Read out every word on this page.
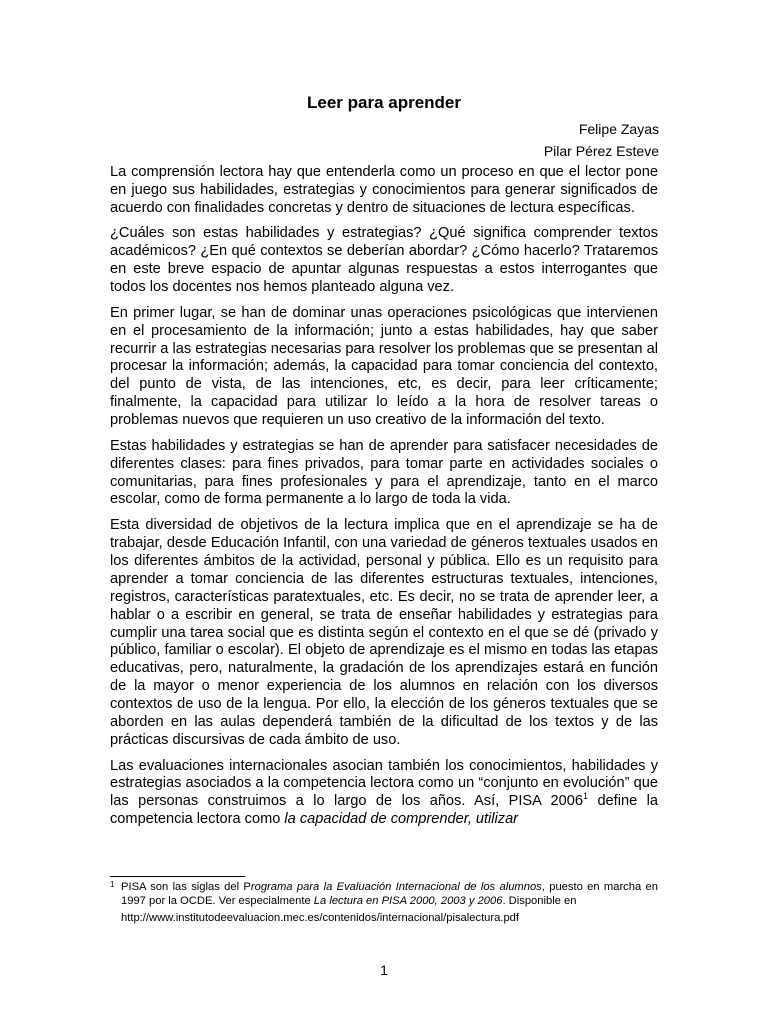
Leer para aprender
Felipe Zayas
Pilar Pérez Esteve

La comprensión lectora hay que entenderla como un proceso en que el lector pone en juego sus habilidades, estrategias y conocimientos para generar significados de acuerdo con finalidades concretas y dentro de situaciones de lectura específicas.

¿Cuáles son estas habilidades y estrategias? ¿Qué significa comprender textos académicos? ¿En qué contextos se deberían abordar? ¿Cómo hacerlo? Trataremos en este breve espacio de apuntar algunas respuestas a estos interrogantes que todos los docentes nos hemos planteado alguna vez.

En primer lugar, se han de dominar unas operaciones psicológicas que intervienen en el procesamiento de la información; junto a estas habilidades, hay que saber recurrir a las estrategias necesarias para resolver los problemas que se presentan al procesar la información; además, la capacidad para tomar conciencia del contexto, del punto de vista, de las intenciones, etc, es decir, para leer críticamente; finalmente, la capacidad para utilizar lo leído a la hora de resolver tareas o problemas nuevos que requieren un uso creativo de la información del texto.

Estas habilidades y estrategias se han de aprender para satisfacer necesidades de diferentes clases: para fines privados, para tomar parte en actividades sociales o comunitarias, para fines profesionales y para el aprendizaje, tanto en el marco escolar, como de forma permanente a lo largo de toda la vida.

Esta diversidad de objetivos de la lectura implica que en el aprendizaje se ha de trabajar, desde Educación Infantil, con una variedad de géneros textuales usados en los diferentes ámbitos de la actividad, personal y pública. Ello es un requisito para aprender a tomar conciencia de las diferentes estructuras textuales, intenciones, registros, características paratextuales, etc. Es decir, no se trata de aprender leer, a hablar o a escribir en general, se trata de enseñar habilidades y estrategias para cumplir una tarea social que es distinta según el contexto en el que se dé (privado y público, familiar o escolar). El objeto de aprendizaje es el mismo en todas las etapas educativas, pero, naturalmente, la gradación de los aprendizajes estará en función de la mayor o menor experiencia de los alumnos en relación con los diversos contextos de uso de la lengua. Por ello, la elección de los géneros textuales que se aborden en las aulas dependerá también de la dificultad de los textos y de las prácticas discursivas de cada ámbito de uso.

Las evaluaciones internacionales asocian también los conocimientos, habilidades y estrategias asociados a la competencia lectora como un “conjunto en evolución” que las personas construimos a lo largo de los años. Así, PISA 2006$^1$ define la competencia lectora como la capacidad de comprender, utilizar

1 PISA son las siglas del Programa para la Evaluación Internacional de los alumnos, puesto en marcha en 1997 por la OCDE. Ver especialmente La lectura en PISA 2000, 2003 y 2006. Disponible en
http://www.institutodeevaluacion.mec.es/contenidos/internacional/pisalectura.pdf
1
